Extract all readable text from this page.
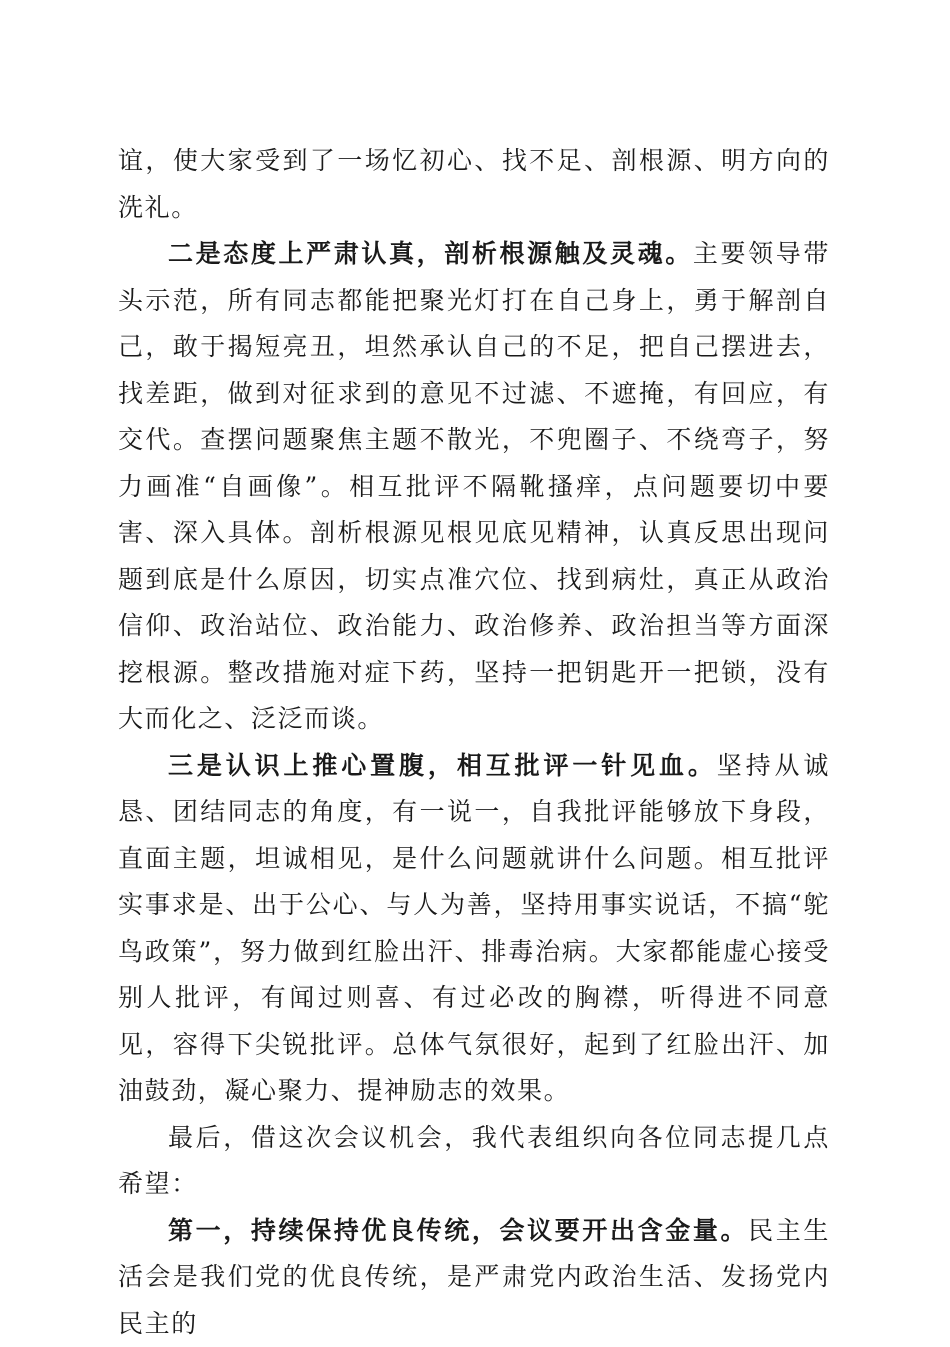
谊，使大家受到了一场忆初心、找不足、剖根源、明方向的洗礼。

二是态度上严肃认真，剖析根源触及灵魂。主要领导带头示范，所有同志都能把聚光灯打在自己身上，勇于解剖自己，敢于揭短亮丑，坦然承认自己的不足，把自己摆进去，找差距，做到对征求到的意见不过滤、不遮掩，有回应，有交代。查摆问题聚焦主题不散光，不兜圈子、不绕弯子，努力画准“自画像”。相互批评不隔靴搔痒，点问题要切中要害、深入具体。剖析根源见根见底见精神，认真反思出现问题到底是什么原因，切实点准穴位、找到病灶，真正从政治信仰、政治站位、政治能力、政治修养、政治担当等方面深挖根源。整改措施对症下药，坚持一把钥匙开一把锁，没有大而化之、泛泛而谈。

三是认识上推心置腹，相互批评一针见血。坚持从诚恳、团结同志的角度，有一说一，自我批评能够放下身段，直面主题，坦诚相见，是什么问题就讲什么问题。相互批评实事求是、出于公心、与人为善，坚持用事实说话，不搞“鸵鸟政策”，努力做到红脸出汗、排毒治病。大家都能虚心接受别人批评，有闻过则喜、有过必改的胸襟，听得进不同意见，容得下尖锐批评。总体气氛很好，起到了红脸出汗、加油鼓劲，凝心聚力、提神励志的效果。

最后，借这次会议机会，我代表组织向各位同志提几点希望：

第一，持续保持优良传统，会议要开出含金量。民主生活会是我们党的优良传统，是严肃党内政治生活、发扬党内民主的
